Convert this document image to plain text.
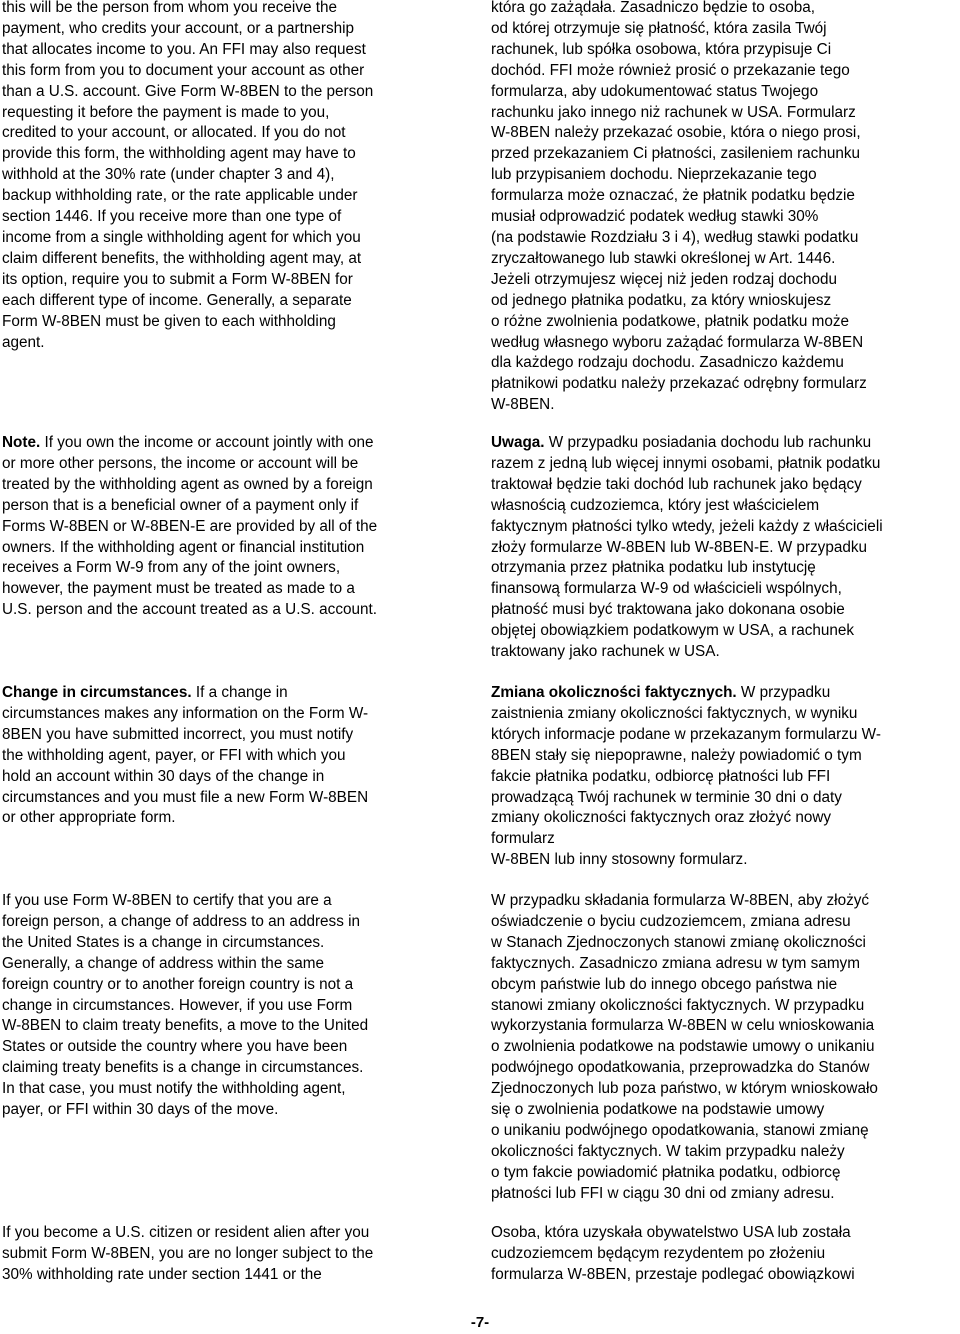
this will be the person from whom you receive the
payment, who credits your account, or a partnership
that allocates income to you. An FFI may also request
this form from you to document your account as other
than a U.S. account. Give Form W-8BEN to the person
requesting it before the payment is made to you,
credited to your account, or allocated. If you do not
provide this form, the withholding agent may have to
withhold at the 30% rate (under chapter 3 and 4),
backup withholding rate, or the rate applicable under
section 1446. If you receive more than one type of
income from a single withholding agent for which you
claim different benefits, the withholding agent may, at
its option, require you to submit a Form W-8BEN for
each different type of income. Generally, a separate
Form W-8BEN must be given to each withholding
agent.

Note. If you own the income or account jointly with one
or more other persons, the income or account will be
treated by the withholding agent as owned by a foreign
person that is a beneficial owner of a payment only if
Forms W-8BEN or W-8BEN-E are provided by all of the
owners. If the withholding agent or financial institution
receives a Form W-9 from any of the joint owners,
however, the payment must be treated as made to a
U.S. person and the account treated as a U.S. account.

Change in circumstances. If a change in
circumstances makes any information on the Form W-
8BEN you have submitted incorrect, you must notify
the withholding agent, payer, or FFI with which you
hold an account within 30 days of the change in
circumstances and you must file a new Form W-8BEN
or other appropriate form.

If you use Form W-8BEN to certify that you are a
foreign person, a change of address to an address in
the United States is a change in circumstances.
Generally, a change of address within the same
foreign country or to another foreign country is not a
change in circumstances. However, if you use Form
W-8BEN to claim treaty benefits, a move to the United
States or outside the country where you have been
claiming treaty benefits is a change in circumstances.
In that case, you must notify the withholding agent,
payer, or FFI within 30 days of the move.

If you become a U.S. citizen or resident alien after you
submit Form W-8BEN, you are no longer subject to the
30% withholding rate under section 1441 or the

która go zażądała. Zasadniczo będzie to osoba,
od której otrzymuje się płatność, która zasila Twój
rachunek, lub spółka osobowa, która przypisuje Ci
dochód. FFI może również prosić o przekazanie tego
formularza, aby udokumentować status Twojego
rachunku jako innego niż rachunek w USA. Formularz
W-8BEN należy przekazać osobie, która o niego prosi,
przed przekazaniem Ci płatności, zasileniem rachunku
lub przypisaniem dochodu. Nieprzekazanie tego
formularza może oznaczać, że płatnik podatku będzie
musiał odprowadzić podatek według stawki 30%
(na podstawie Rozdziału 3 i 4), według stawki podatku
zryczałtowanego lub stawki określonej w Art. 1446.
Jeżeli otrzymujesz więcej niż jeden rodzaj dochodu
od jednego płatnika podatku, za który wnioskujesz
o różne zwolnienia podatkowe, płatnik podatku może
według własnego wyboru zażądać formularza W-8BEN
dla każdego rodzaju dochodu. Zasadniczo każdemu
płatnikowi podatku należy przekazać odrębny formularz
W-8BEN.

Uwaga. W przypadku posiadania dochodu lub rachunku
razem z jedną lub więcej innymi osobami, płatnik podatku
traktował będzie taki dochód lub rachunek jako będący
własnością cudzoziemca, który jest właścicielem
faktycznym płatności tylko wtedy, jeżeli każdy z właścicieli
złoży formularze W-8BEN lub W-8BEN-E. W przypadku
otrzymania przez płatnika podatku lub instytucję
finansową formularza W-9 od właścicieli wspólnych,
płatność musi być traktowana jako dokonana osobie
objętej obowiązkiem podatkowym w USA, a rachunek
traktowany jako rachunek w USA.

Zmiana okoliczności faktycznych. W przypadku
zaistnienia zmiany okoliczności faktycznych, w wyniku
których informacje podane w przekazanym formularzu W-
8BEN stały się niepoprawne, należy powiadomić o tym
fakcie płatnika podatku, odbiorcę płatności lub FFI
prowadzącą Twój rachunek w terminie 30 dni o daty
zmiany okoliczności faktycznych oraz złożyć nowy
formularz
W-8BEN lub inny stosowny formularz.

W przypadku składania formularza W-8BEN, aby złożyć
oświadczenie o byciu cudzoziemcem, zmiana adresu
w Stanach Zjednoczonych stanowi zmianę okoliczności
faktycznych. Zasadniczo zmiana adresu w tym samym
obcym państwie lub do innego obcego państwa nie
stanowi zmiany okoliczności faktycznych. W przypadku
wykorzystania formularza W-8BEN w celu wnioskowania
o zwolnienia podatkowe na podstawie umowy o unikaniu
podwójnego opodatkowania, przeprowadzka do Stanów
Zjednoczonych lub poza państwo, w którym wnioskowało
się o zwolnienia podatkowe na podstawie umowy
o unikaniu podwójnego opodatkowania, stanowi zmianę
okoliczności faktycznych. W takim przypadku należy
o tym fakcie powiadomić płatnika podatku, odbiorcę
płatności lub FFI w ciągu 30 dni od zmiany adresu.

Osoba, która uzyskała obywatelstwo USA lub została
cudzoziemcem będącym rezydentem po złożeniu
formularza W-8BEN, przestaje podlegać obowiązkowi

-7-
